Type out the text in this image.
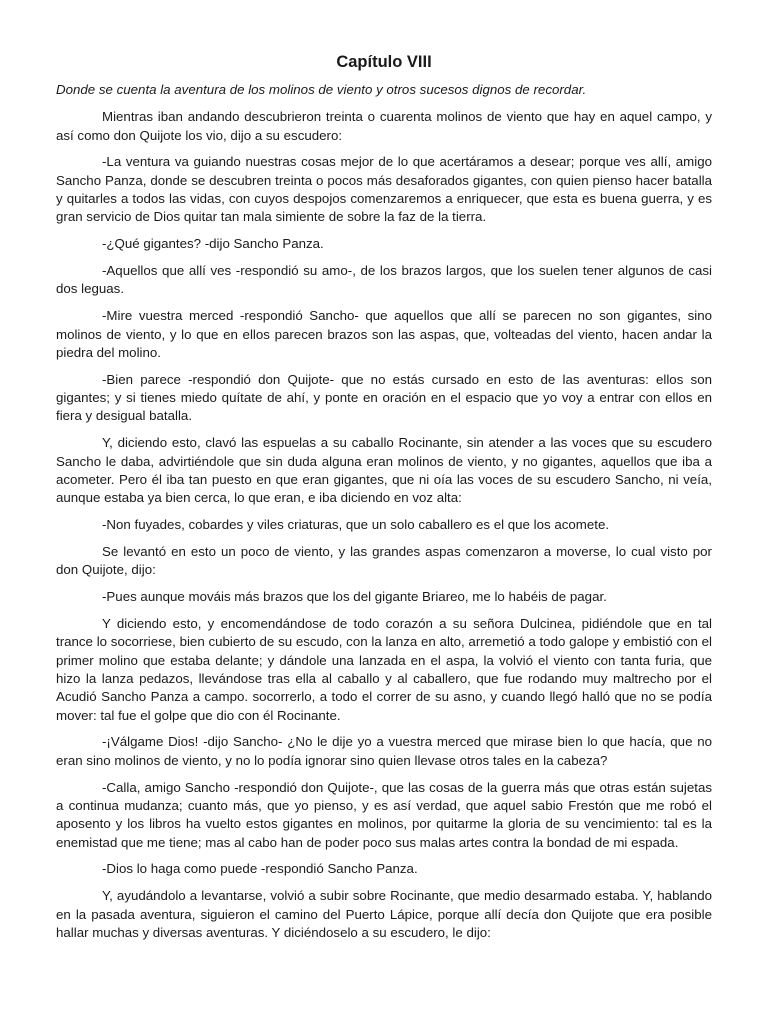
Capítulo VIII

Donde se cuenta la aventura de los molinos de viento y otros sucesos dignos de recordar.

Mientras iban andando descubrieron treinta o cuarenta molinos de viento que hay en aquel campo, y así como don Quijote los vio, dijo a su escudero:

-La ventura va guiando nuestras cosas mejor de lo que acertáramos a desear; porque ves allí, amigo Sancho Panza, donde se descubren treinta o pocos más desaforados gigantes, con quien pienso hacer batalla y quitarles a todos las vidas, con cuyos despojos comenzaremos a enriquecer, que esta es buena guerra, y es gran servicio de Dios quitar tan mala simiente de sobre la faz de la tierra.

-¿Qué gigantes? -dijo Sancho Panza.

-Aquellos que allí ves -respondió su amo-, de los brazos largos, que los suelen tener algunos de casi dos leguas.

-Mire vuestra merced -respondió Sancho- que aquellos que allí se parecen no son gigantes, sino molinos de viento, y lo que en ellos parecen brazos son las aspas, que, volteadas del viento, hacen andar la piedra del molino.

-Bien parece -respondió don Quijote- que no estás cursado en esto de las aventuras: ellos son gigantes; y si tienes miedo quítate de ahí, y ponte en oración en el espacio que yo voy a entrar con ellos en fiera y desigual batalla.

Y, diciendo esto, clavó las espuelas a su caballo Rocinante, sin atender a las voces que su escudero Sancho le daba, advirtiéndole que sin duda alguna eran molinos de viento, y no gigantes, aquellos que iba a acometer. Pero él iba tan puesto en que eran gigantes, que ni oía las voces de su escudero Sancho, ni veía, aunque estaba ya bien cerca, lo que eran, e iba diciendo en voz alta:

-Non fuyades, cobardes y viles criaturas, que un solo caballero es el que los acomete.

Se levantó en esto un poco de viento, y las grandes aspas comenzaron a moverse, lo cual visto por don Quijote, dijo:

-Pues aunque mováis más brazos que los del gigante Briareo, me lo habéis de pagar.

Y diciendo esto, y encomendándose de todo corazón a su señora Dulcinea, pidiéndole que en tal trance lo socorriese, bien cubierto de su escudo, con la lanza en alto, arremetió a todo galope y embistió con el primer molino que estaba delante; y dándole una lanzada en el aspa, la volvió el viento con tanta furia, que hizo la lanza pedazos, llevándose tras ella al caballo y al caballero, que fue rodando muy maltrecho por el Acudió Sancho Panza a campo. socorrerlo, a todo el correr de su asno, y cuando llegó halló que no se podía mover: tal fue el golpe que dio con él Rocinante.

-¡Válgame Dios! -dijo Sancho- ¿No le dije yo a vuestra merced que mirase bien lo que hacía, que no eran sino molinos de viento, y no lo podía ignorar sino quien llevase otros tales en la cabeza?

-Calla, amigo Sancho -respondió don Quijote-, que las cosas de la guerra más que otras están sujetas a continua mudanza; cuanto más, que yo pienso, y es así verdad, que aquel sabio Frestón que me robó el aposento y los libros ha vuelto estos gigantes en molinos, por quitarme la gloria de su vencimiento: tal es la enemistad que me tiene; mas al cabo han de poder poco sus malas artes contra la bondad de mi espada.

-Dios lo haga como puede -respondió Sancho Panza.

Y, ayudándolo a levantarse, volvió a subir sobre Rocinante, que medio desarmado estaba. Y, hablando en la pasada aventura, siguieron el camino del Puerto Lápice, porque allí decía don Quijote que era posible hallar muchas y diversas aventuras. Y diciéndoselo a su escudero, le dijo:
